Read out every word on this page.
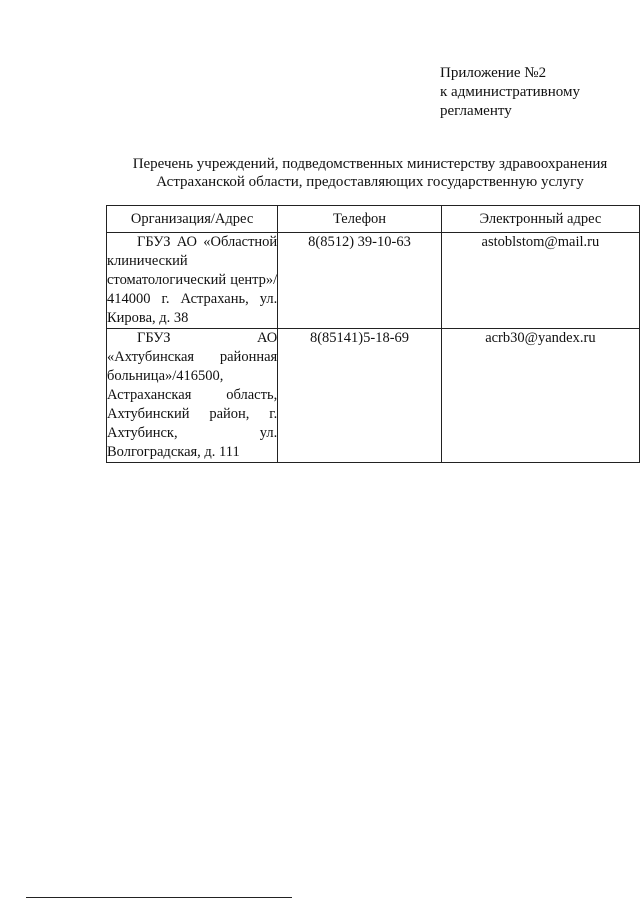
Приложение №2
к административному
регламенту
Перечень учреждений, подведомственных министерству здравоохранения
Астраханской области, предоставляющих государственную услугу
Организация/Адрес	Телефон	Электронный адрес

ГБУЗ АО «Областной клинический стоматологический центр»/ 414000 г. Астрахань, ул. Кирова, д. 38	8(8512) 39-10-63	astoblstom@mail.ru

ГБУЗ АО «Ахтубинская районная больница»/416500, Астраханская область, Ахтубинский район, г. Ахтубинск, ул. Волгоградская, д. 111	8(85141)5-18-69	acrb30@yandex.ru
